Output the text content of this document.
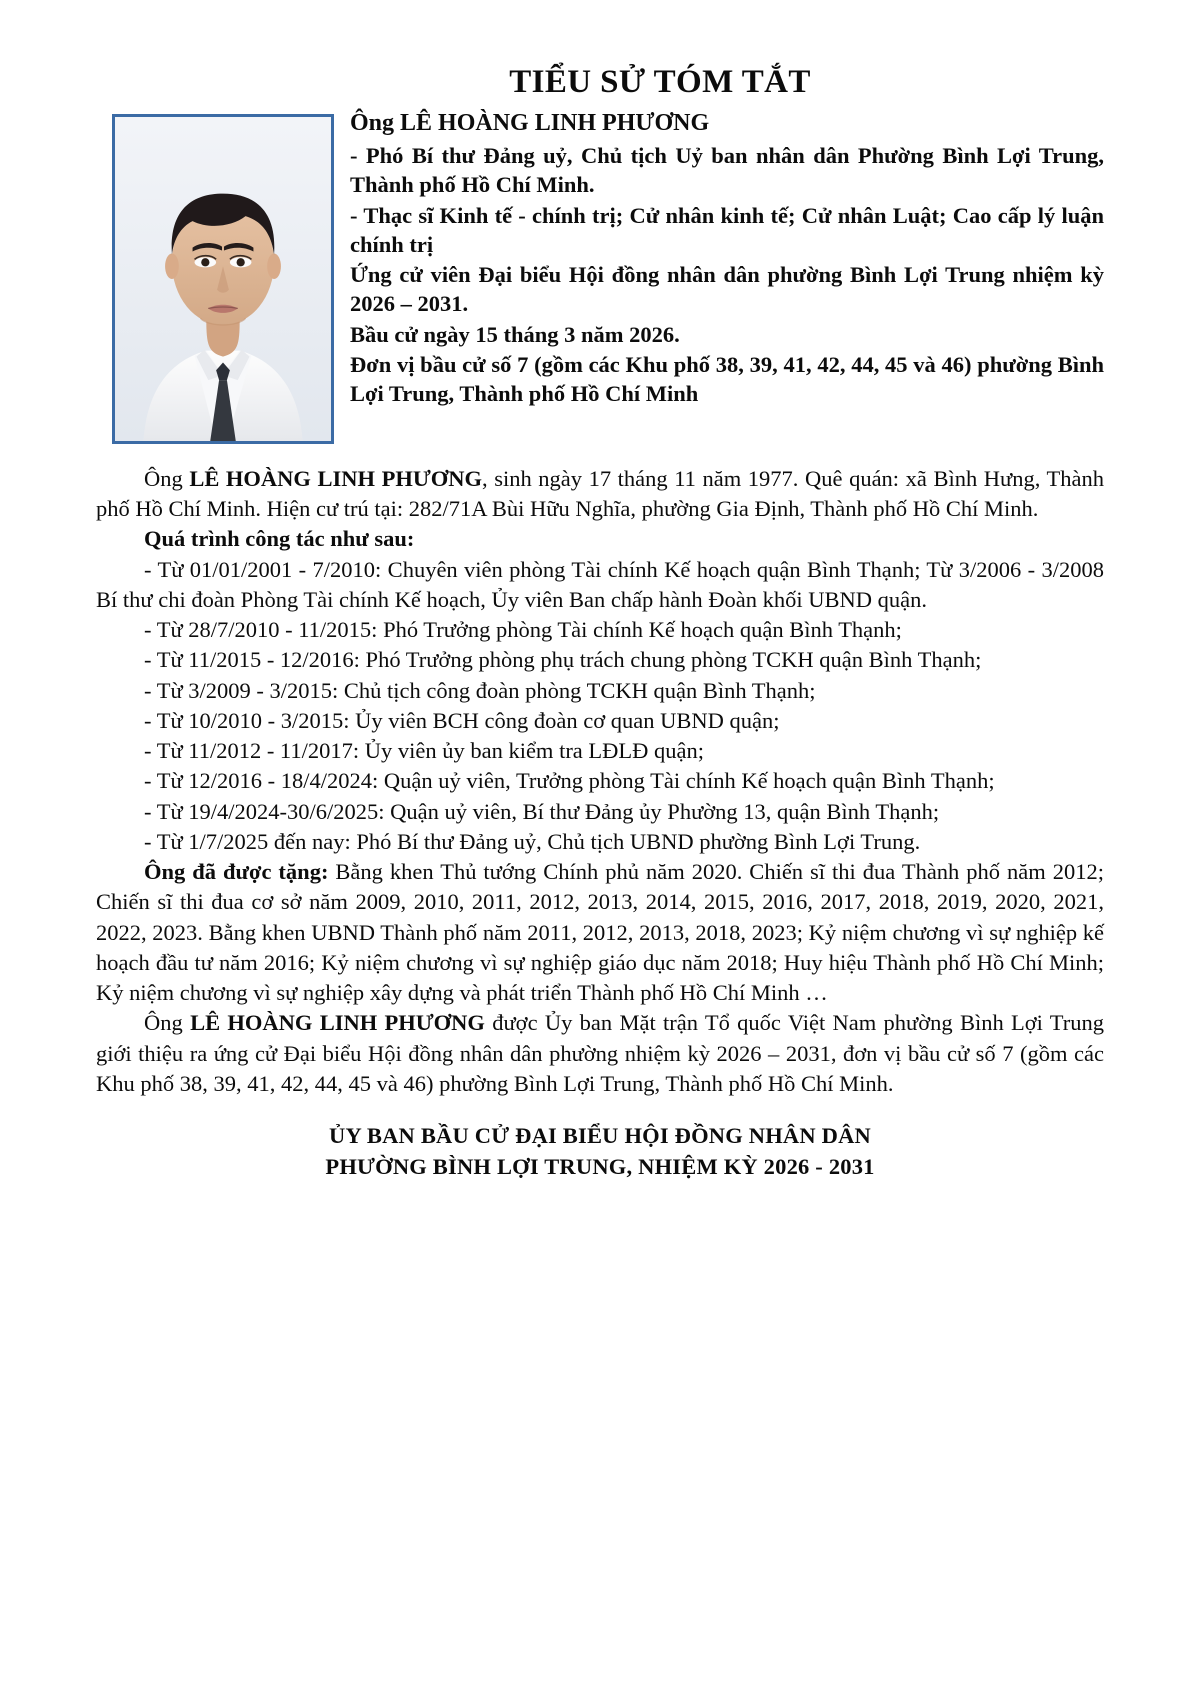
TIỂU SỬ TÓM TẮT

Ông LÊ HOÀNG LINH PHƯƠNG

- Phó Bí thư Đảng uỷ, Chủ tịch Uỷ ban nhân dân Phường Bình Lợi Trung, Thành phố Hồ Chí Minh.

- Thạc sĩ Kinh tế - chính trị; Cử nhân kinh tế; Cử nhân Luật; Cao cấp lý luận chính trị

Ứng cử viên Đại biểu Hội đồng nhân dân phường Bình Lợi Trung nhiệm kỳ 2026 – 2031.

Bầu cử ngày 15 tháng 3 năm 2026.

Đơn vị bầu cử số 7 (gồm các Khu phố 38, 39, 41, 42, 44, 45 và 46) phường Bình Lợi Trung, Thành phố Hồ Chí Minh

Ông LÊ HOÀNG LINH PHƯƠNG, sinh ngày 17 tháng 11 năm 1977. Quê quán: xã Bình Hưng, Thành phố Hồ Chí Minh. Hiện cư trú tại: 282/71A Bùi Hữu Nghĩa, phường Gia Định, Thành phố Hồ Chí Minh.

Quá trình công tác như sau:

- Từ 01/01/2001 - 7/2010: Chuyên viên phòng Tài chính Kế hoạch quận Bình Thạnh; Từ 3/2006 - 3/2008 Bí thư chi đoàn Phòng Tài chính Kế hoạch, Ủy viên Ban chấp hành Đoàn khối UBND quận.

- Từ 28/7/2010 - 11/2015: Phó Trưởng phòng Tài chính Kế hoạch quận Bình Thạnh;

- Từ 11/2015 - 12/2016: Phó Trưởng phòng phụ trách chung phòng TCKH quận Bình Thạnh;

- Từ 3/2009 - 3/2015: Chủ tịch công đoàn phòng TCKH quận Bình Thạnh;

- Từ 10/2010 - 3/2015: Ủy viên BCH công đoàn cơ quan UBND quận;

- Từ 11/2012 - 11/2017: Ủy viên ủy ban kiểm tra LĐLĐ quận;

- Từ 12/2016 - 18/4/2024: Quận uỷ viên, Trưởng phòng Tài chính Kế hoạch quận Bình Thạnh;

- Từ 19/4/2024-30/6/2025: Quận uỷ viên, Bí thư Đảng ủy Phường 13, quận Bình Thạnh;

- Từ 1/7/2025 đến nay: Phó Bí thư Đảng uỷ, Chủ tịch UBND phường Bình Lợi Trung.

Ông đã được tặng: Bằng khen Thủ tướng Chính phủ năm 2020. Chiến sĩ thi đua Thành phố năm 2012; Chiến sĩ thi đua cơ sở năm 2009, 2010, 2011, 2012, 2013, 2014, 2015, 2016, 2017, 2018, 2019, 2020, 2021, 2022, 2023. Bằng khen UBND Thành phố năm 2011, 2012, 2013, 2018, 2023; Kỷ niệm chương vì sự nghiệp kế hoạch đầu tư năm 2016; Kỷ niệm chương vì sự nghiệp giáo dục năm 2018; Huy hiệu Thành phố Hồ Chí Minh; Kỷ niệm chương vì sự nghiệp xây dựng và phát triển Thành phố Hồ Chí Minh …

Ông LÊ HOÀNG LINH PHƯƠNG được Ủy ban Mặt trận Tổ quốc Việt Nam phường Bình Lợi Trung giới thiệu ra ứng cử Đại biểu Hội đồng nhân dân phường nhiệm kỳ 2026 – 2031, đơn vị bầu cử số 7 (gồm các Khu phố 38, 39, 41, 42, 44, 45 và 46) phường Bình Lợi Trung, Thành phố Hồ Chí Minh.

ỦY BAN BẦU CỬ ĐẠI BIỂU HỘI ĐỒNG NHÂN DÂN

PHƯỜNG BÌNH LỢI TRUNG, NHIỆM KỲ 2026 - 2031
